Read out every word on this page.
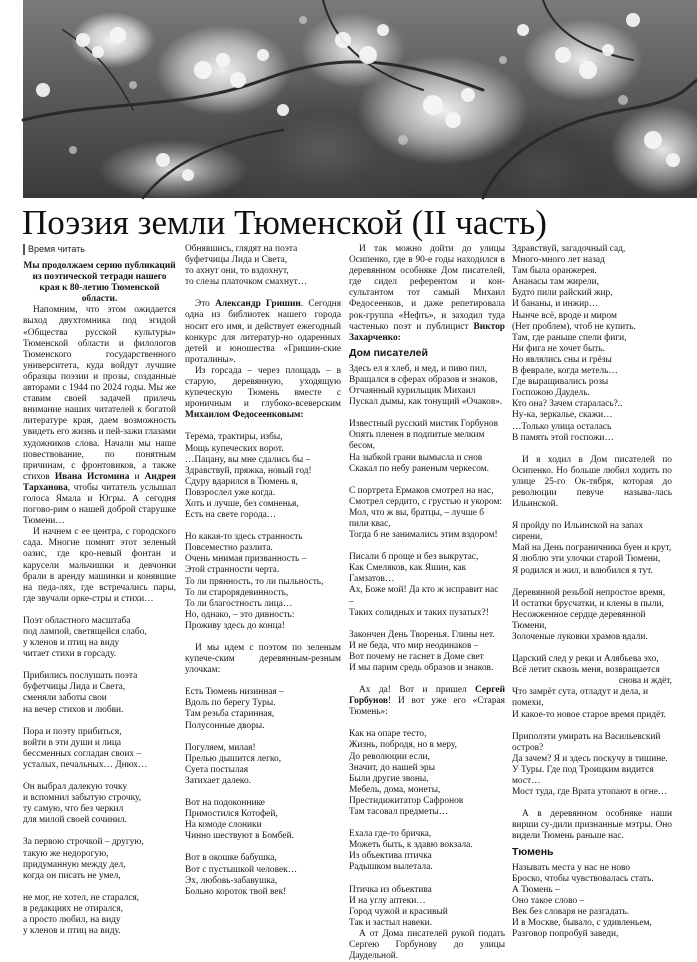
Поэзия земли Тюменской (II часть)
Время читать

Мы продолжаем серию публикаций из поэтической тетради нашего края к 80-летию Тюменской области.

Напомним, что этом ожидается выход двухтомника под эгидой «Общества русской культуры» Тюменской области и филологов Тюменского государственного университета, куда войдут лучшие образцы поэзии и прозы, созданные авторами с 1944 по 2024 годы. Мы же ставим своей задачей прилечь внимание наших читателей к богатой литературе края, даем возможность увидеть его жизнь и пей-зажи глазами художников слова. Начали мы наше повествование, по понятным причинам, с фронтовиков, а также стихов Ивана Истомина и Андрея Тарханова, чтобы читатель услышал голоса Ямала и Югры. А сегодня погово-рим о нашей доброй старушке Тюмени…

И начнем с ее центра, с городского сада. Многие помнят этот зеленый оазис, где кро-невый фонтан и карусели мальчишки и девчонки брали в аренду машинки и конявшие на педа-лях, где встречались пары, где звучали орке-стры и стихи…

Поэт областного масштаба

под лампой, светящейся слабо,

у кленов и птиц на виду

читает стихи в горсаду.

Прибились послушать поэта

буфетчицы Лида и Света,

сменяли заботы свои

на вечер стихов и любви.

Пора и поэту прибиться,

войти в эти души и лица

бессменных согладан своих –

усталых, печальных… Днюх…

Он выбрал далекую точку

и вспомнил забытую строчку,

ту самую, что без черкил

для милой своей сочинил.

За первою строчкой – другую,

такую же недорогую,

придуманную между дел,

когда он писать не умел,

не мог, не хотел, не старался,

в редакциях не отирался,

а просто любил, на виду

у кленов и птиц на виду.

Обнявшись, глядят на поэта

буфетчицы Лида и Света,

то ахнут они, то вздохнут,

то слезы платочком смахнут…

Это Александр Гришин. Сегодня одна из библиотек нашего города носит его имя, и действует ежегодный конкурс для литератур-но одаренных детей и юношества «Гришин-ские проталины».

Из горсада – через площадь – в старую, деревянную, уходящую купеческую Тюмень вместе с ироничным и глубоко-всеверским Михаилом Федосеенковым:

Терема, трактиры, избы,

Мощь купеческих ворот.

…Пацану, вы мне сдались бы –

Здравствуй, пряжка, новый год!

Сдуру вдарился в Тюмень я,

Повзрослел уже когда.

Хоть и лучше, без сомненья,

Есть на свете города…

Но какая-то здесь странность

Повсеместно разлита.

Очень мнимая призванность –

Этой странности черта.

То ли прянность, то ли пыльность,

То ли старорядевинность,

То ли благостность лица…

Но, однако, – это дивность:

Проживу здесь до конца!

И мы идем с поэтом по зеленым купече-ским деревянным-резным улочкам:

Есть Тюмень низинная –

Вдоль по берегу Туры.

Там резьба старинная,

Полусонные дворы.

Погуляем, милая!

Прелью дышится легко,

Суета постылая

Затихает далеко.

Вот на подоконнике

Примостился Котофей,

На комоде слоники

Чинно шествуют в Бомбей.

Вот в окошке бабушка,

Вот с пустышкой человек…

Эх, любовь-забавушка,

Больно короток твой век!

И так можно дойти до улицы Осипенко, где в 90-е годы находился в деревянном особняке Дом писателей, где сидел референтом и кон-сультантом тот самый Михаил Федосеенков, и даже репетировала рок-группа «Нефть», и заходил туда частенько поэт и публицист Виктор Захарченко:

Дом писателей

Здесь ел я хлеб, и мед, и пиво пил,

Вращался в сферах образов и знаков,

Отчаянный курильщик Михаил

Пускал дымы, как тонущий «Очаков».

Известный русский мистик Горбунов

Опять пленен в подпитые мелким бесом,

На зыбкой грани вымысла и снов

Скакал по небу раненым черкесом.

С портрета Ермаков смотрел на нас,

Смотрел сердито, с грустью и укором:

Мол, что ж вы, братцы, – лучше б пили квас,

Тогда б не занимались этим вздором!

Писали б проще и без выкрутас,

Как Смеляков, как Яшин, как Гамзатов…

Ах, Боже мой! Да кто ж исправит нас –

Таких солидных и таких пузатых?!

Закончен День Творенья. Глины нет.

И не беда, что мир неодинаков –

Вот почему не гаснет в Доме свет

И мы парим средь образов и знаков.

Ах да! Вот и пришел Сергей Горбунов! И вот уже его «Старая Тюмень»:

Как на опаре тесто,

Жизнь, побродя, но в меру,

До революции если,

Значит, до нашей эры

Были другие звоны,

Мебель, дома, монеты,

Престидижитатор Сафронов

Там тасовал предметы…

Ехала где-то бричка,

Можеть быть, к здавю вокзала.

Из объектива птичка

Радышком вылетала.

Птичка из объектива

И на углу аптеки…

Город чужой и красивый

Так и застыл навеки.

А от Дома писателей рукой подать Сергею Горбунову до улицы Даудельной.

Здравствуй, загадочный сад,

Много-много лет назад

Там была оранжерея.

Ананасы там жирели,

Будто пили райский жир,

И бананы, и инжир…

Нынче всё, вроде и миром

(Нет проблем), чтоб не купить.

Там, где раньше спели фиги,

Ни фига не хочет быть.

Но являлись сны и грёзы

В феврале, когда метель…

Где выращивались розы

Госпожою Даудель.

Кто она? Зачем старалась?..

Ну-ка, зеркалье, скажи…

…Только улица осталась

В память этой госпожи…

И я ходил в Дом писателей по Осипенко. Но больше любил ходить по улице 25-го Ок-тября, которая до революции певуче называ-лась Ильинской.

Я пройду по Ильинской на запах сирени,

Май на День пограничника буен и крут,

Я люблю эти улочки старой Тюмени,

Я родился и жил, и влюбился я тут.

Деревянной резьбой непростое время,

И остатки брусчатки, и клены в пыли,

Несожженное сердце деревянной Тюмени,

Золоченые луковки храмов вдали.

Царский след у реки и Алябьева эхо,

Всё летит сквозь меня, возвращается

снова и ждёт,

Что замрёт сута, отладут и дела, и помехи,

И какое-то новое старое время придёт.

Приполэти умирать на Васильевский остров?

Да зачем? Я и здесь поскучу в тишине.

У Туры. Где под Троицким видится мост…

Мост туда, где Врата утопают в огне…

А в деревянном особняке наши вирши су-дили признанные мэтры. Оно видели Тюмень раньше нас.

Тюмень

Называть места у нас не ново

Броско, чтобы чувствовалась стать.

А Тюмень –

Оно такое слово –

Век без словаря не разгадать.

И в Москве, бывало, с удивленьем,

Разговор попробуй заведи,
